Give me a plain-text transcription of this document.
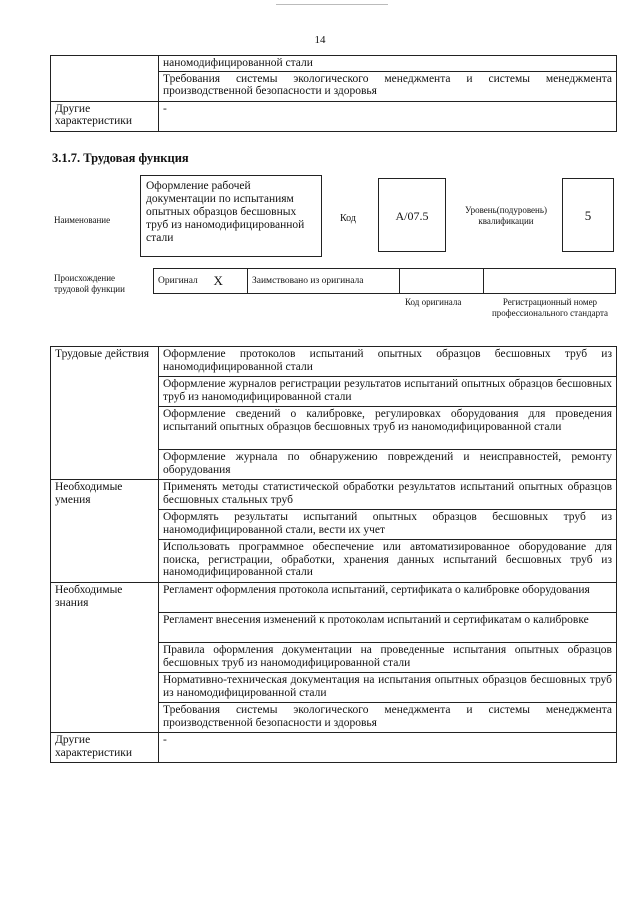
14
	наномодифицированной стали
	Требования системы экологического менеджмента и системы менеджмента производственной безопасности и здоровья
Другие характеристики	-
3.1.7. Трудовая функция
Наименование
Оформление рабочей документации по испытаниям опытных образцов бесшовных труб из наномодифицированной стали
Код	А/07.5	Уровень(подуровень) квалификации	5
Происхождение трудовой функции
Оригинал	X	Заимствовано из оригинала		
Код оригинала	Регистрационный номер профессионального стандарта
Трудовые действия	Оформление протоколов испытаний опытных образцов бесшовных труб из наномодифицированной стали
	Оформление журналов регистрации результатов испытаний опытных образцов бесшовных труб из наномодифицированной стали
	Оформление сведений о калибровке, регулировках оборудования для проведения испытаний опытных образцов бесшовных труб из наномодифицированной стали
	Оформление журнала по обнаружению повреждений и неисправностей, ремонту оборудования
Необходимые умения	Применять методы статистической обработки результатов испытаний опытных образцов бесшовных стальных труб
	Оформлять результаты испытаний опытных образцов бесшовных труб из наномодифицированной стали, вести их учет
	Использовать программное обеспечение или автоматизированное оборудование для поиска, регистрации, обработки, хранения данных испытаний бесшовных труб из наномодифицированной стали
Необходимые знания	Регламент оформления протокола испытаний, сертификата о калибровке оборудования
	Регламент внесения изменений к протоколам испытаний и сертификатам о калибровке
	Правила оформления документации на проведенные испытания опытных образцов бесшовных труб из наномодифицированной стали
	Нормативно-техническая документация на испытания опытных образцов бесшовных труб из наномодифицированной стали
	Требования системы экологического менеджмента и системы менеджмента производственной безопасности и здоровья
Другие характеристики	-
